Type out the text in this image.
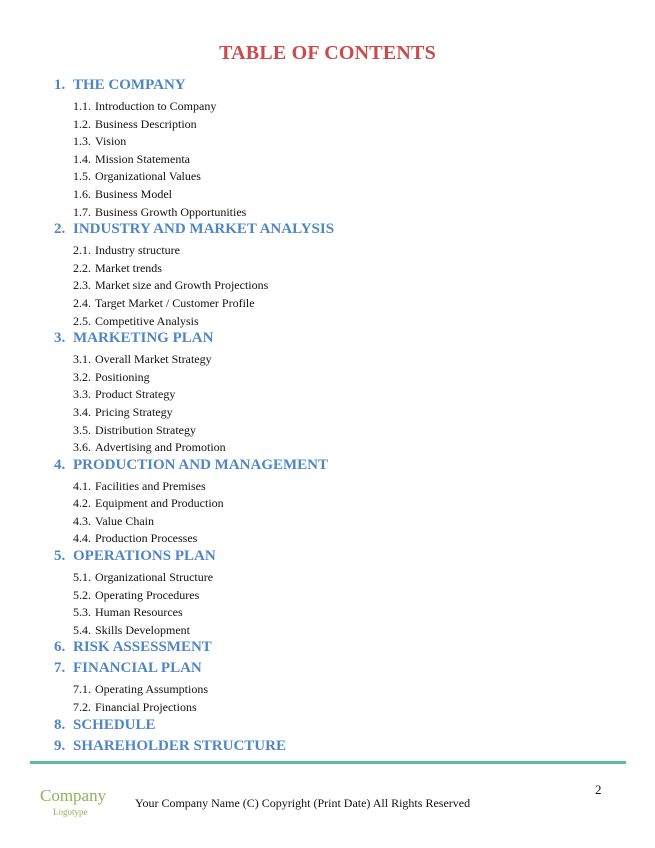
TABLE OF CONTENTS
1. THE COMPANY
1.1. Introduction to Company
1.2. Business Description
1.3. Vision
1.4. Mission Statementa
1.5. Organizational Values
1.6. Business Model
1.7. Business Growth Opportunities
2. INDUSTRY AND MARKET ANALYSIS
2.1. Industry structure
2.2. Market trends
2.3. Market size and Growth Projections
2.4. Target Market / Customer Profile
2.5. Competitive Analysis
3. MARKETING PLAN
3.1. Overall Market Strategy
3.2. Positioning
3.3. Product Strategy
3.4. Pricing Strategy
3.5. Distribution Strategy
3.6. Advertising and Promotion
4. PRODUCTION AND MANAGEMENT
4.1. Facilities and Premises
4.2. Equipment and Production
4.3. Value Chain
4.4. Production Processes
5. OPERATIONS PLAN
5.1. Organizational Structure
5.2. Operating Procedures
5.3. Human Resources
5.4. Skills Development
6. RISK ASSESSMENT
7. FINANCIAL PLAN
7.1. Operating Assumptions
7.2. Financial Projections
8. SCHEDULE
9. SHAREHOLDER STRUCTURE
2
Company
Logotype
Your Company Name (C) Copyright (Print Date) All Rights Reserved
